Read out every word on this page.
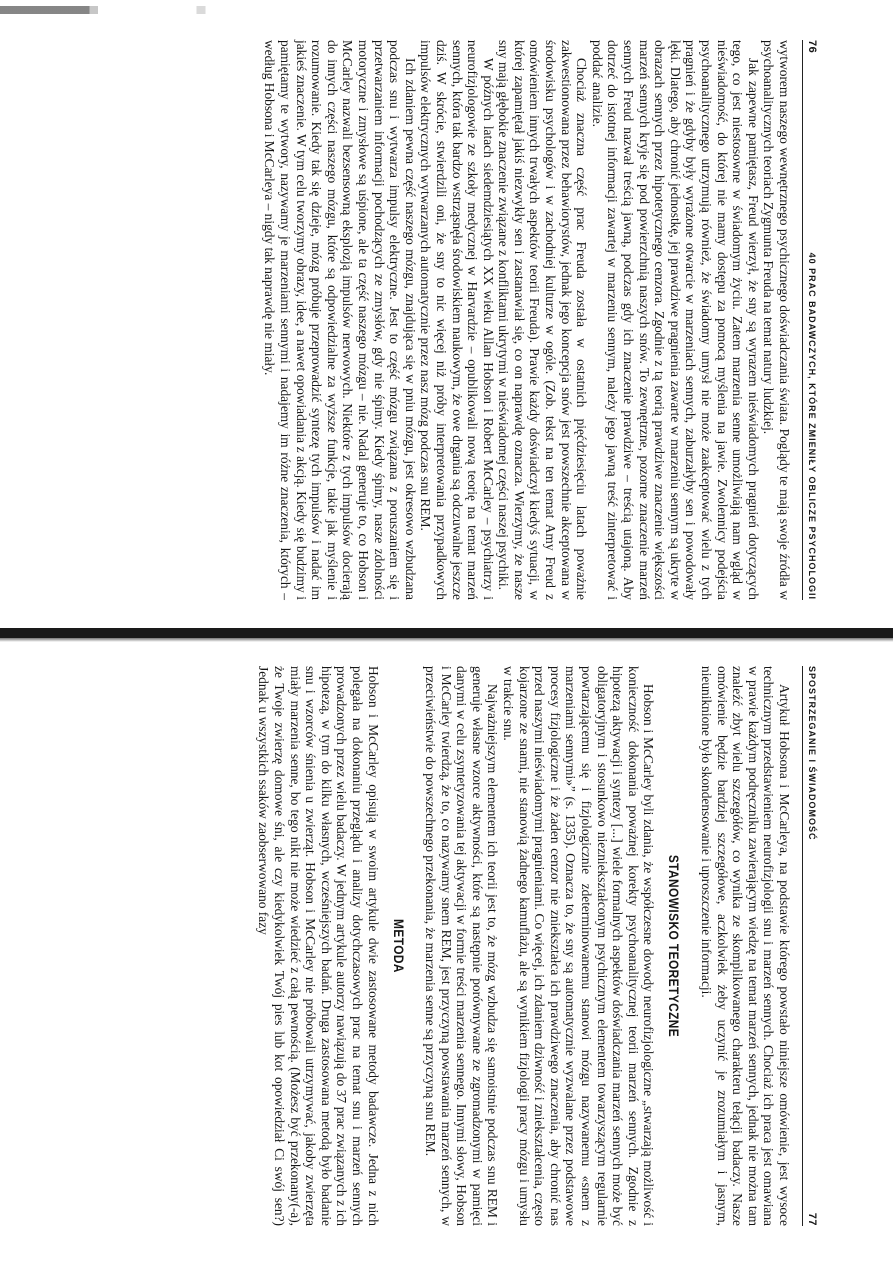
76
40 PRAC BADAWCZYCH, KTÓRE ZMIENIŁY OBLICZE PSYCHOLOGII

wytworem naszego wewnętrznego psychicznego doświadczania świata. Poglądy te mają swoje źródła w psychoanalitycznych teoriach Zygmunta Freuda na temat natury ludzkiej.

Jak zapewne pamiętasz, Freud wierzył, że sny są wyrazem nieświadomych pragnień dotyczących tego, co jest niestosowne w świadomym życiu. Zatem marzenia senne umożliwiają nam wgląd w nieświadomość, do której nie mamy dostępu za pomocą myślenia na jawie. Zwolennicy podejścia psychoanalitycznego utrzymują również, że świadomy umysł nie może zaakceptować wielu z tych pragnień i że gdyby były wyrażone otwarcie w marzeniach sennych, zaburzałyby sen i powodowały lęki. Dlatego, aby chronić jednostkę, jej prawdziwe pragnienia zawarte w marzeniu sennym są ukryte w obrazach sennych przez hipotetycznego cenzora. Zgodnie z tą teorią prawdziwe znaczenie większości marzeń sennych kryje się pod powierzchnią naszych snów. To zewnętrzne, pozorne znaczenie marzeń sennych Freud nazwał treścią jawną, podczas gdy ich znaczenie prawdziwe – treścią utajoną. Aby dotrzeć do istotnej informacji zawartej w marzeniu sennym, należy jego jawną treść zinterpretować i poddać analizie.

Chociaż znaczna część prac Freuda została w ostatnich pięćdziesięciu latach poważnie zakwestionowana przez behawiorystów, jednak jego koncepcja snów jest powszechnie akceptowana w środowisku psychologów i w zachodniej kulturze w ogóle. (Zob. tekst na ten temat Amy Freud z omówieniem innych trwałych aspektów teorii Freuda). Prawie każdy doświadczył kiedyś sytuacji, w której zapamiętał jakiś niezwykły sen i zastanawiał się, co on naprawdę oznacza. Wierzymy, że nasze sny mają głębokie znaczenie związane z konfliktami ukrytymi w nieświadomej części naszej psychiki.

W późnych latach siedemdziesiątych XX wieku Allan Hobson i Robert McCarley – psychiatrzy i neurofizjologowie ze szkoły medycznej w Harvardzie – opublikowali nową teorię na temat marzeń sennych, która tak bardzo wstrząsnęła środowiskiem naukowym, że owe drgania są odczuwalne jeszcze dziś. W skrócie, stwierdzili oni, że sny to nic więcej niż próby interpretowania przypadkowych impulsów elektrycznych wytwarzanych automatycznie przez nasz mózg podczas snu REM.

Ich zdaniem pewna część naszego mózgu, znajdująca się w pniu mózgu, jest okresowo wzbudzana podczas snu i wytwarza impulsy elektryczne. Jest to część mózgu związana z poruszaniem się i przetwarzaniem informacji pochodzących ze zmysłów, gdy nie śpimy. Kiedy śpimy, nasze zdolności motoryczne i zmysłowe są uśpione, ale ta część naszego mózgu – nie. Nadal generuje to, co Hobson i McCarley nazwali bezsensowną eksplozją impulsów nerwowych. Niektóre z tych impulsów docierają do innych części naszego mózgu, które są odpowiedzialne za wyższe funkcje, takie jak myślenie i rozumowanie. Kiedy tak się dzieje, mózg próbuje przeprowadzić syntezę tych impulsów i nadać im jakieś znaczenie. W tym celu tworzymy obrazy, idee, a nawet opowiadania z akcją. Kiedy się budzimy i pamiętamy te wytwory, nazywamy je marzeniami sennymi i nadajemy im różne znaczenia, których – według Hobsona i McCarleya – nigdy tak naprawdę nie miały.

SPOSTRZEGANIE I ŚWIADOMOŚĆ
77

Artykuł Hobsona i McCarleya, na podstawie którego powstało niniejsze omówienie, jest wysoce technicznym przedstawieniem neurofizjologii snu i marzeń sennych. Chociaż ich praca jest omawiana w prawie każdym podręczniku zawierającym wiedzę na temat marzeń sennych, jednak nie można tam znaleźć zbyt wielu szczegółów, co wynika ze skomplikowanego charakteru tełącji badaczy. Nasze omówienie będzie bardziej szczegółowe, aczkolwiek żeby uczynić je zrozumiałym i jasnym, nieuniknione było skondensowanie i uproszczenie informacji.

STANOWISKO TEORETYCZNE

Hobson i McCarley byli zdania, że współczesne dowody neurofizjologiczne „stwarzają możliwość i konieczność dokonania poważnej korekty psychoanalitycznej teorii marzeń sennych. Zgodnie z hipotezą aktywacji i syntezy [...] wiele formalnych aspektów doświadczania marzeń sennych może być obligatoryjnym i stosunkowo niezniekształconym psychicznym elementem towarzyszącym regularnie powtarzającemu się i fizjologicznie zdeterminowanemu stanowi mózgu nazywanemu «snem z marzeniami sennymi»” (s. 1335). Oznacza to, że sny są automatycznie wyzwalane przez podstawowe procesy fizjologiczne i że żaden cenzor nie zniekształca ich prawdziwego znaczenia, aby chronić nas przed naszymi nieświadomymi pragnieniami. Co więcej, ich zdaniem dziwność i zniekształcenia, często kojarzone ze snami, nie stanowią żadnego kamuflażu, ale są wynikiem fizjologii pracy mózgu i umysłu w trakcie snu.

Najważniejszym elementem ich teorii jest to, że mózg wzbudza się samoistnie podczas snu REM i generuje własne wzorce aktywności, które są następnie porównywane ze zgromadzonymi w pamięci danymi w celu zsyntetyzowania tej aktywacji w formie treści marzenia sennego. Innymi słowy, Hobson i McCarley twierdzą, że to, co nazywamy snem REM, jest przyczyną powstawania marzeń sennych, w przeciwieństwie do powszechnego przekonania, że marzenia senne są przyczyną snu REM.

METODA

Hobson i McCarley opisują w swoim artykule dwie zastosowane metody badawcze. Jedna z nich polegała na dokonaniu przeglądu i analizy dotychczasowych prac na temat snu i marzeń sennych prowadzonych przez wielu badaczy. W jednym artykule autorzy nawiązują do 37 prac związanych z ich hipotezą, w tym do kilku własnych, wcześniejszych badań. Druga zastosowana metodą było badanie snu i wzorców śnienia u zwierząt. Hobson i McCarley nie próbowali utrzymywać, jakoby zwierzęta miały marzenia senne, bo tego nikt nie może wiedzieć z całą pewnością. (Możesz być przekonany(-a), że Twoje zwierzę domowe śni, ale czy kiedykolwiek Twój pies lub kot opowiedział Ci swój sen?) Jednak u wszystkich ssaków zaobserwowano fazy
